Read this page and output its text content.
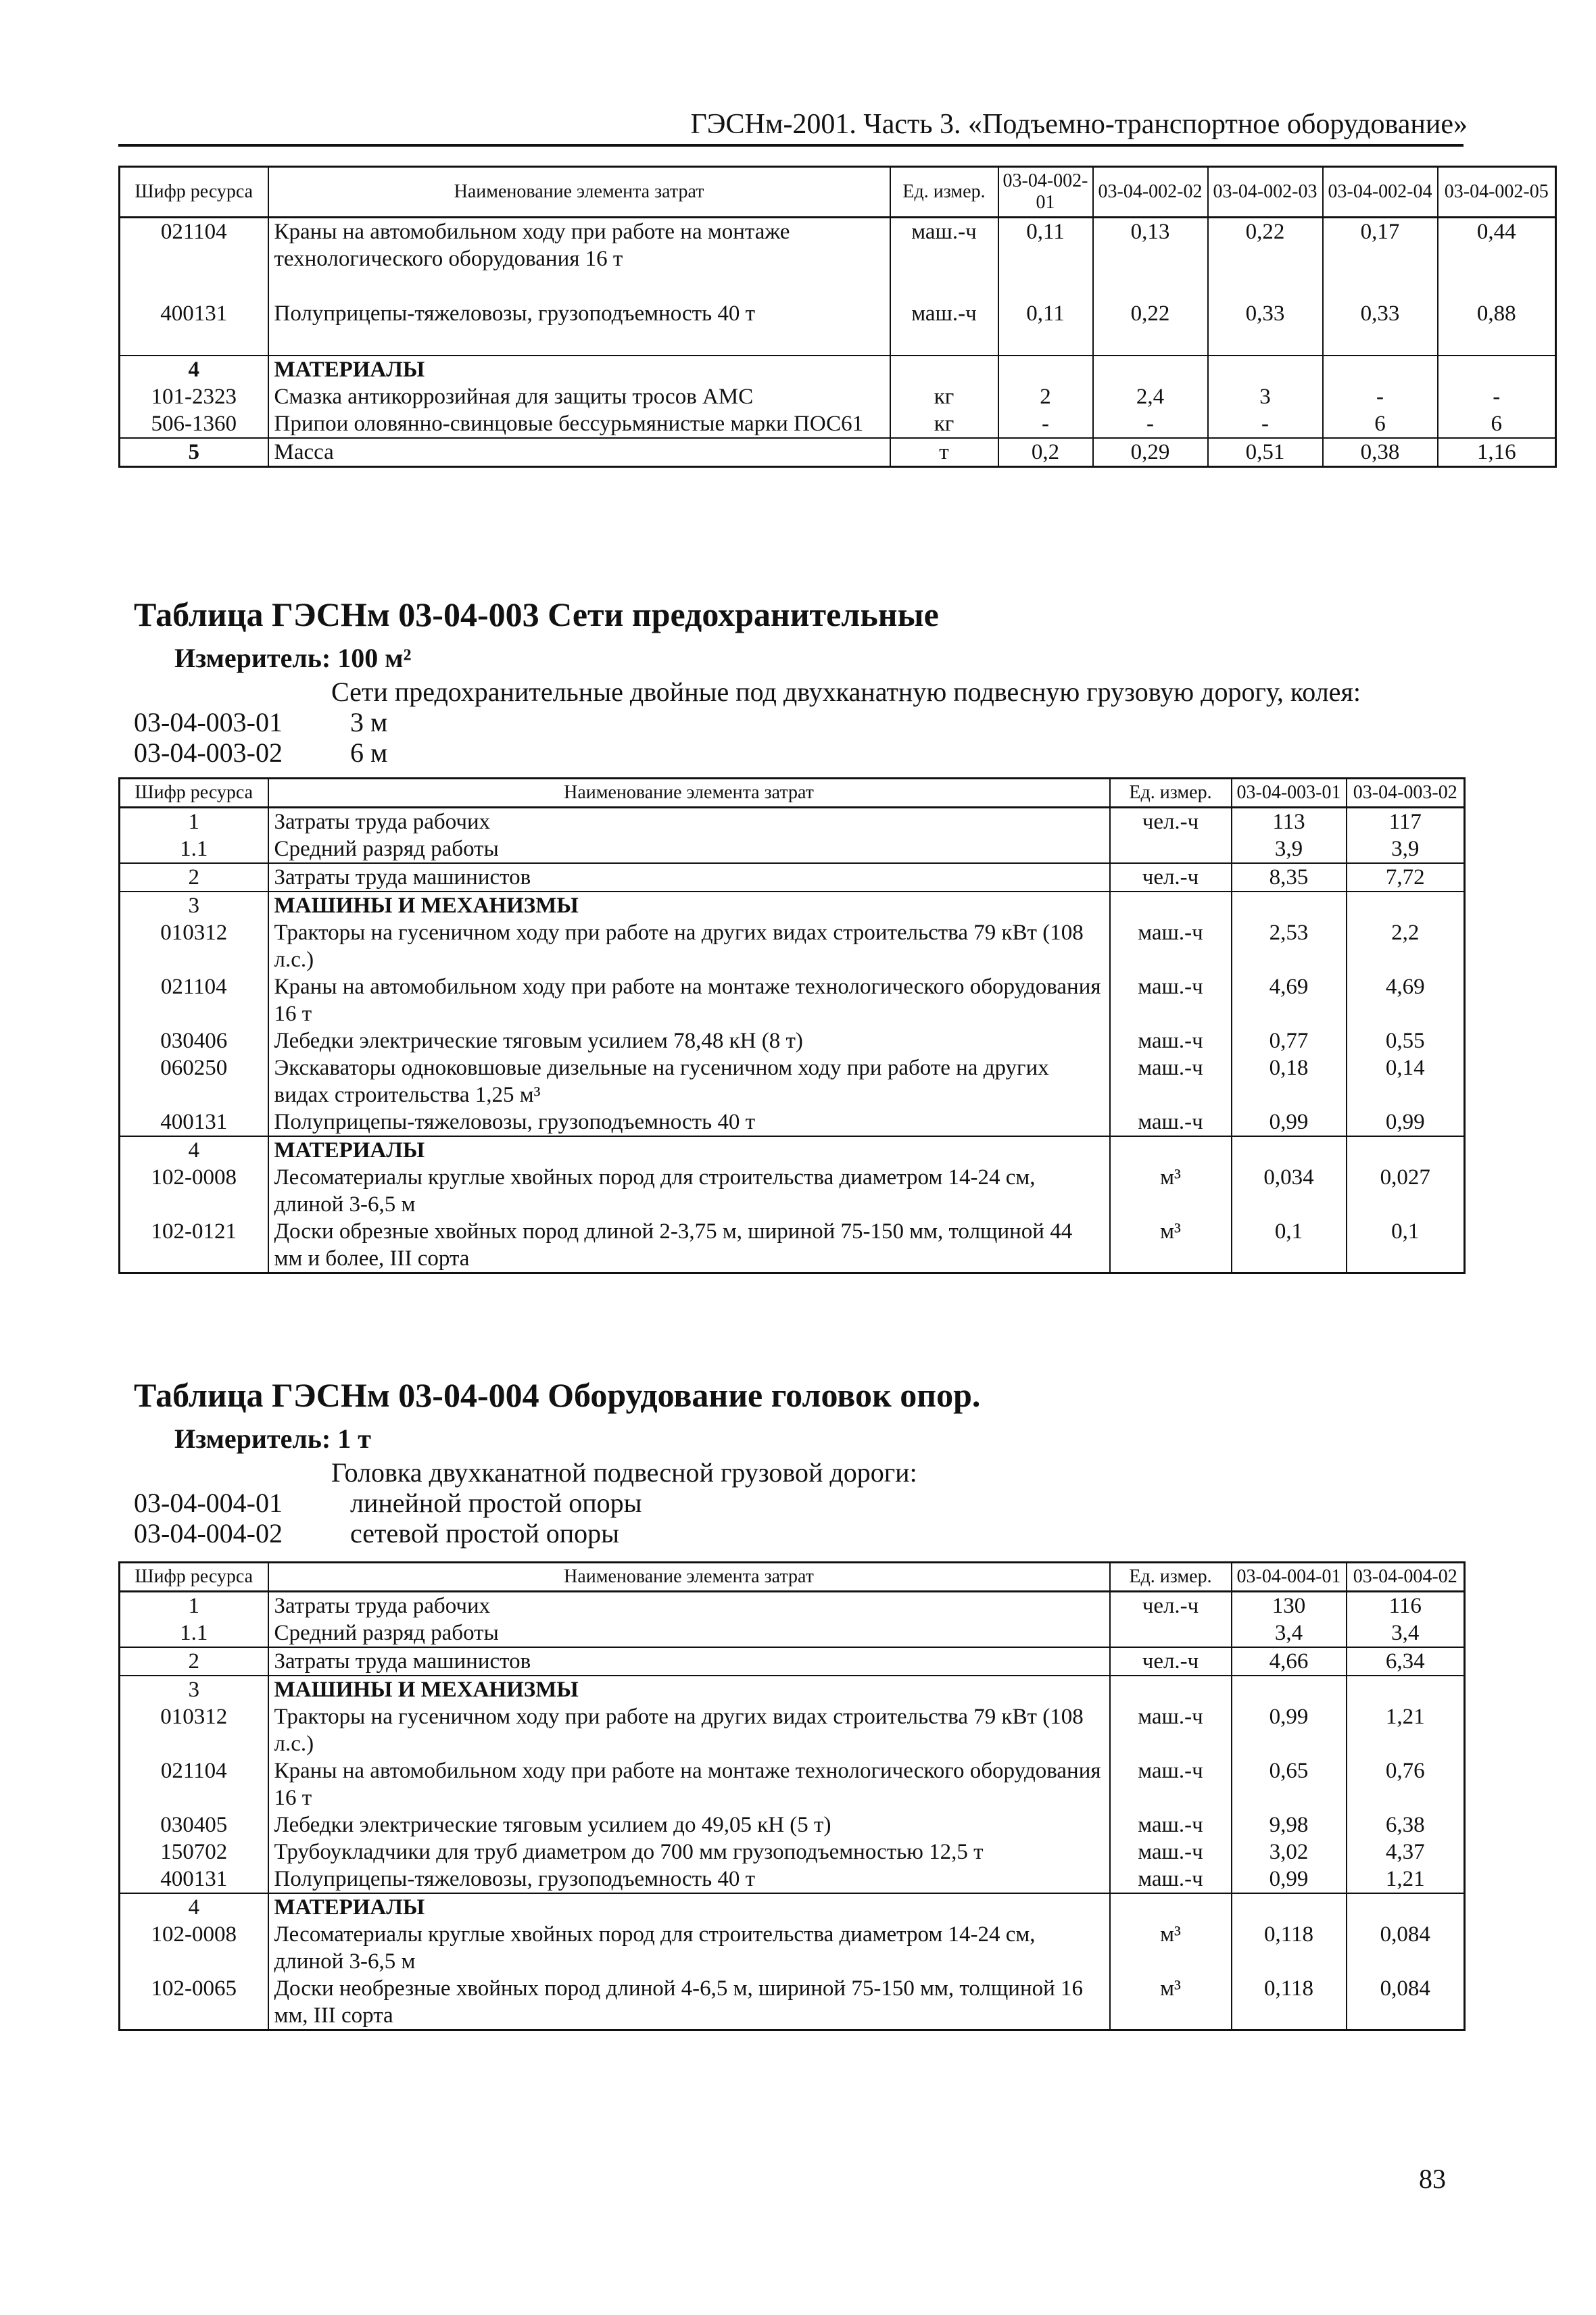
ГЭСНм-2001. Часть 3. «Подъемно-транспортное оборудование»
Шифр ресурса	Наименование элемента затрат	Ед. измер.	03-04-002-01	03-04-002-02	03-04-002-03	03-04-002-04	03-04-002-05
021104	Краны на автомобильном ходу при работе на монтаже технологического оборудования 16 т	маш.-ч	0,11	0,13	0,22	0,17	0,44
400131	Полуприцепы-тяжеловозы, грузоподъемность 40 т	маш.-ч	0,11	0,22	0,33	0,33	0,88
4	МАТЕРИАЛЫ						
101-2323	Смазка антикоррозийная для защиты тросов АМС	кг	2	2,4	3	-	-
506-1360	Припои оловянно-свинцовые бессурьмянистые марки ПОС61	кг	-	-	-	6	6
5	Масса	т	0,2	0,29	0,51	0,38	1,16
Таблица ГЭСНм 03-04-003 Сети предохранительные
Измеритель: 100 м²
Сети предохранительные двойные под двухканатную подвесную грузовую дорогу, колея:
03-04-003-01	3 м
03-04-003-02	6 м
Шифр ресурса	Наименование элемента затрат	Ед. измер.	03-04-003-01	03-04-003-02
1	Затраты труда рабочих	чел.-ч	113	117
1.1	Средний разряд работы		3,9	3,9
2	Затраты труда машинистов	чел.-ч	8,35	7,72
3	МАШИНЫ И МЕХАНИЗМЫ			
010312	Тракторы на гусеничном ходу при работе на других видах строительства 79 кВт (108 л.с.)	маш.-ч	2,53	2,2
021104	Краны на автомобильном ходу при работе на монтаже технологического оборудования 16 т	маш.-ч	4,69	4,69
030406	Лебедки электрические тяговым усилием 78,48 кН (8 т)	маш.-ч	0,77	0,55
060250	Экскаваторы одноковшовые дизельные на гусеничном ходу при работе на других видах строительства 1,25 м³	маш.-ч	0,18	0,14
400131	Полуприцепы-тяжеловозы, грузоподъемность 40 т	маш.-ч	0,99	0,99
4	МАТЕРИАЛЫ			
102-0008	Лесоматериалы круглые хвойных пород для строительства диаметром 14-24 см, длиной 3-6,5 м	м³	0,034	0,027
102-0121	Доски обрезные хвойных пород длиной 2-3,75 м, шириной 75-150 мм, толщиной 44 мм и более, III сорта	м³	0,1	0,1
Таблица ГЭСНм 03-04-004 Оборудование головок опор.
Измеритель: 1 т
Головка двухканатной подвесной грузовой дороги:
03-04-004-01	линейной простой опоры
03-04-004-02	сетевой простой опоры
Шифр ресурса	Наименование элемента затрат	Ед. измер.	03-04-004-01	03-04-004-02
1	Затраты труда рабочих	чел.-ч	130	116
1.1	Средний разряд работы		3,4	3,4
2	Затраты труда машинистов	чел.-ч	4,66	6,34
3	МАШИНЫ И МЕХАНИЗМЫ			
010312	Тракторы на гусеничном ходу при работе на других видах строительства 79 кВт (108 л.с.)	маш.-ч	0,99	1,21
021104	Краны на автомобильном ходу при работе на монтаже технологического оборудования 16 т	маш.-ч	0,65	0,76
030405	Лебедки электрические тяговым усилием до 49,05 кН (5 т)	маш.-ч	9,98	6,38
150702	Трубоукладчики для труб диаметром до 700 мм грузоподъемностью 12,5 т	маш.-ч	3,02	4,37
400131	Полуприцепы-тяжеловозы, грузоподъемность 40 т	маш.-ч	0,99	1,21
4	МАТЕРИАЛЫ			
102-0008	Лесоматериалы круглые хвойных пород для строительства диаметром 14-24 см, длиной 3-6,5 м	м³	0,118	0,084
102-0065	Доски необрезные хвойных пород длиной 4-6,5 м, шириной 75-150 мм, толщиной 16 мм, III сорта	м³	0,118	0,084
83
